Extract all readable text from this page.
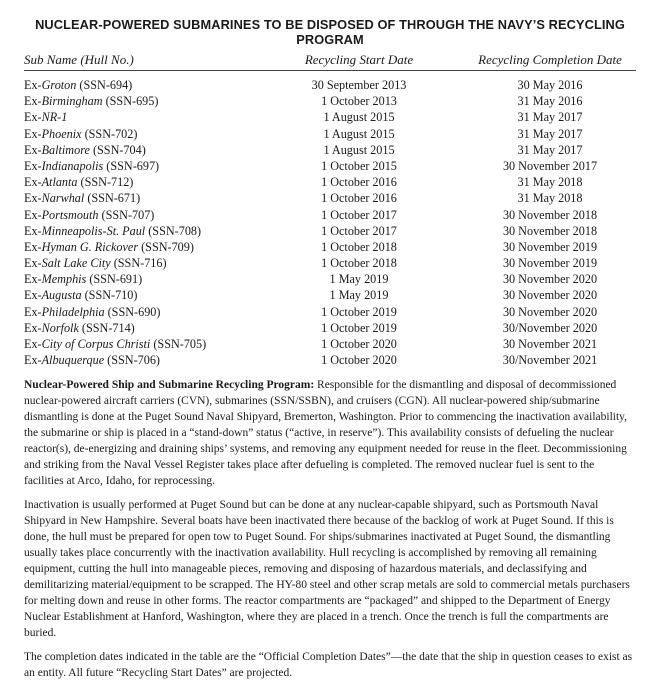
NUCLEAR-POWERED SUBMARINES TO BE DISPOSED OF THROUGH THE NAVY’S RECYCLING PROGRAM
Sub Name (Hull No.)	Recycling Start Date	Recycling Completion Date
Ex-Groton (SSN-694)	30 September 2013	30 May 2016
Ex-Birmingham (SSN-695)	1 October 2013	31 May 2016
Ex-NR-1	1 August 2015	31 May 2017
Ex-Phoenix (SSN-702)	1 August 2015	31 May 2017
Ex-Baltimore (SSN-704)	1 August 2015	31 May 2017
Ex-Indianapolis (SSN-697)	1 October 2015	30 November 2017
Ex-Atlanta (SSN-712)	1 October 2016	31 May 2018
Ex-Narwhal (SSN-671)	1 October 2016	31 May 2018
Ex-Portsmouth (SSN-707)	1 October 2017	30 November 2018
Ex-Minneapolis-St. Paul (SSN-708)	1 October 2017	30 November 2018
Ex-Hyman G. Rickover (SSN-709)	1 October 2018	30 November 2019
Ex-Salt Lake City (SSN-716)	1 October 2018	30 November 2019
Ex-Memphis (SSN-691)	1 May 2019	30 November 2020
Ex-Augusta (SSN-710)	1 May 2019	30 November 2020
Ex-Philadelphia (SSN-690)	1 October 2019	30 November 2020
Ex-Norfolk (SSN-714)	1 October 2019	30/November 2020
Ex-City of Corpus Christi (SSN-705)	1 October 2020	30 November 2021
Ex-Albuquerque (SSN-706)	1 October 2020	30/November 2021

Nuclear-Powered Ship and Submarine Recycling Program: Responsible for the dismantling and disposal of decommissioned nuclear-powered aircraft carriers (CVN), submarines (SSN/SSBN), and cruisers (CGN). All nuclear-powered ship/submarine dismantling is done at the Puget Sound Naval Shipyard, Bremerton, Washington. Prior to commencing the inactivation availability, the submarine or ship is placed in a “stand-down” status (“active, in reserve”). This availability consists of defueling the nuclear reactor(s), de-energizing and draining ships’ systems, and removing any equipment needed for reuse in the fleet. Decommissioning and striking from the Naval Vessel Register takes place after defueling is completed. The removed nuclear fuel is sent to the facilities at Arco, Idaho, for reprocessing.

Inactivation is usually performed at Puget Sound but can be done at any nuclear-capable shipyard, such as Portsmouth Naval Shipyard in New Hampshire. Several boats have been inactivated there because of the backlog of work at Puget Sound. If this is done, the hull must be prepared for open tow to Puget Sound. For ships/submarines inactivated at Puget Sound, the dismantling usually takes place concurrently with the inactivation availability. Hull recycling is accomplished by removing all remaining equipment, cutting the hull into manageable pieces, removing and disposing of hazardous materials, and declassifying and demilitarizing material/equipment to be scrapped. The HY-80 steel and other scrap metals are sold to commercial metals purchasers for melting down and reuse in other forms. The reactor compartments are “packaged” and shipped to the Department of Energy Nuclear Establishment at Hanford, Washington, where they are placed in a trench. Once the trench is full the compartments are buried.

The completion dates indicated in the table are the “Official Completion Dates”—the date that the ship in question ceases to exist as an entity. All future “Recycling Start Dates” are projected.
